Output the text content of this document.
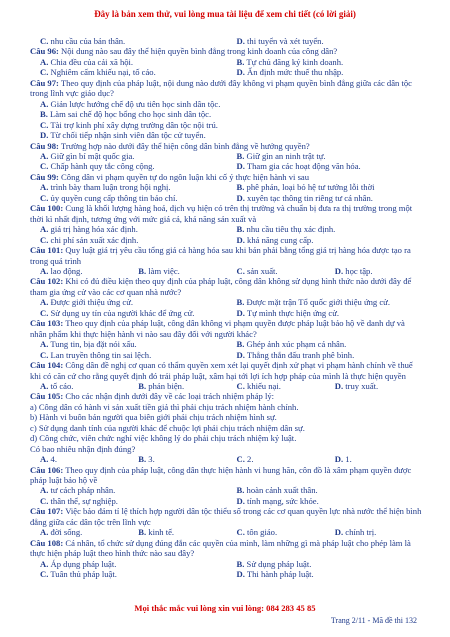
Đây là bản xem thử, vui lòng mua tài liệu để xem chi tiết (có lời giải)
C. nhu cầu của bản thân.	D. thi tuyển và xét tuyển.

Câu 96: Nội dung nào sau đây thể hiện quyền bình đẳng trong kinh doanh của công dân?

A. Chia đều của cải xã hội.	B. Tự chủ đăng ký kinh doanh.
C. Nghiêm cấm khiếu nại, tố cáo.	D. Ấn định mức thuế thu nhập.

Câu 97: Theo quy định của pháp luật, nội dung nào dưới đây không vi phạm quyền bình đẳng giữa các dân tộc trong lĩnh vực giáo dục?

A. Giản lược hướng chế độ ưu tiên học sinh dân tộc.
B. Làm sai chế độ học bổng cho học sinh dân tộc.
C. Tài trợ kinh phí xây dựng trường dân tộc nội trú.
D. Từ chối tiếp nhận sinh viên dân tộc cử tuyển.

Câu 98: Trường hợp nào dưới đây thể hiện công dân bình đẳng về hưởng quyền?

A. Giữ gìn bí mật quốc gia.	B. Giữ gìn an ninh trật tự.
C. Chấp hành quy tắc công cộng.	D. Tham gia các hoạt động văn hóa.

Câu 99: Công dân vi phạm quyền tự do ngôn luận khi cố ý thực hiện hành vi sau

A. trình bày tham luận trong hội nghị.	B. phê phán, loại bỏ hệ tư tưởng lỗi thời
C. ủy quyền cung cấp thông tin báo chí.	D. xuyên tạc thông tin riêng tư cá nhân.

Câu 100: Cung là khối lượng hàng hoá, dịch vụ hiện có trên thị trường và chuẩn bị đưa ra thị trường trong một thời kì nhất định, tương ứng với mức giá cả, khả năng sản xuất và

A. giá trị hàng hóa xác định.	B. nhu cầu tiêu thụ xác định.
C. chi phí sản xuất xác định.	D. khả năng cung cấp.

Câu 101: Quy luật giá trị yêu cầu tổng giá cả hàng hóa sau khi bán phải bằng tổng giá trị hàng hóa được tạo ra trong quá trình

A. lao động.	B. làm việc.	C. sản xuất.	D. học tập.

Câu 102: Khi có đủ điều kiện theo quy định của pháp luật, công dân không sử dụng hình thức nào dưới đây để tham gia ứng cử vào các cơ quan nhà nước?

A. Được giới thiệu ứng cử.	B. Được mặt trận Tổ quốc giới thiệu ứng cử.
C. Sử dụng uy tín của người khác để ứng cử.	D. Tự mình thực hiện ứng cử.

Câu 103: Theo quy định của pháp luật, công dân không vi phạm quyền được pháp luật bảo hộ về danh dự và nhân phẩm khi thực hiện hành vi nào sau đây đối với người khác?

A. Tung tin, bịa đặt nói xấu.	B. Ghép ảnh xúc phạm cá nhân.
C. Lan truyền thông tin sai lệch.	D. Thẳng thắn đấu tranh phê bình.

Câu 104: Công dân đề nghị cơ quan có thẩm quyền xem xét lại quyết định xử phạt vi phạm hành chính về thuế khi có căn cứ cho rằng quyết định đó trái pháp luật, xâm hại tới lợi ích hợp pháp của mình là thực hiện quyền

A. tố cáo.	B. phản biện.	C. khiếu nại.	D. truy xuất.

Câu 105: Cho các nhận định dưới đây về các loại trách nhiệm pháp lý:

a) Công dân có hành vi sản xuất tiền giả thì phải chịu trách nhiệm hành chính.

b) Hành vi buôn bán người qua biên giới phải chịu trách nhiệm hình sự.

c) Sử dụng danh tính của người khác để chuộc lợi phải chịu trách nhiệm dân sự.

d) Công chức, viên chức nghỉ việc không lý do phải chịu trách nhiệm kỷ luật.

Có bao nhiêu nhận định đúng?

A. 4.	B. 3.	C. 2.	D. 1.

Câu 106: Theo quy định của pháp luật, công dân thực hiện hành vi hung hãn, côn đồ là xâm phạm quyền được pháp luật bảo hộ về

A. tư cách pháp nhân.	B. hoàn cảnh xuất thân.
C. thân thể, sự nghiệp.	D. tính mạng, sức khỏe.

Câu 107: Việc bảo đảm tỉ lệ thích hợp người dân tộc thiểu số trong các cơ quan quyền lực nhà nước thể hiện bình đẳng giữa các dân tộc trên lĩnh vực

A. đời sống.	B. kinh tế.	C. tôn giáo.	D. chính trị.

Câu 108: Cá nhân, tổ chức sử dụng đúng đắn các quyền của mình, làm những gì mà pháp luật cho phép làm là thực hiện pháp luật theo hình thức nào sau đây?

A. Áp dụng pháp luật.	B. Sử dụng pháp luật.
C. Tuân thủ pháp luật.	D. Thi hành pháp luật.
Mọi thắc mắc vui lòng xin vui lòng: 084 283 45 85
Trang 2/11 - Mã đề thi 132
